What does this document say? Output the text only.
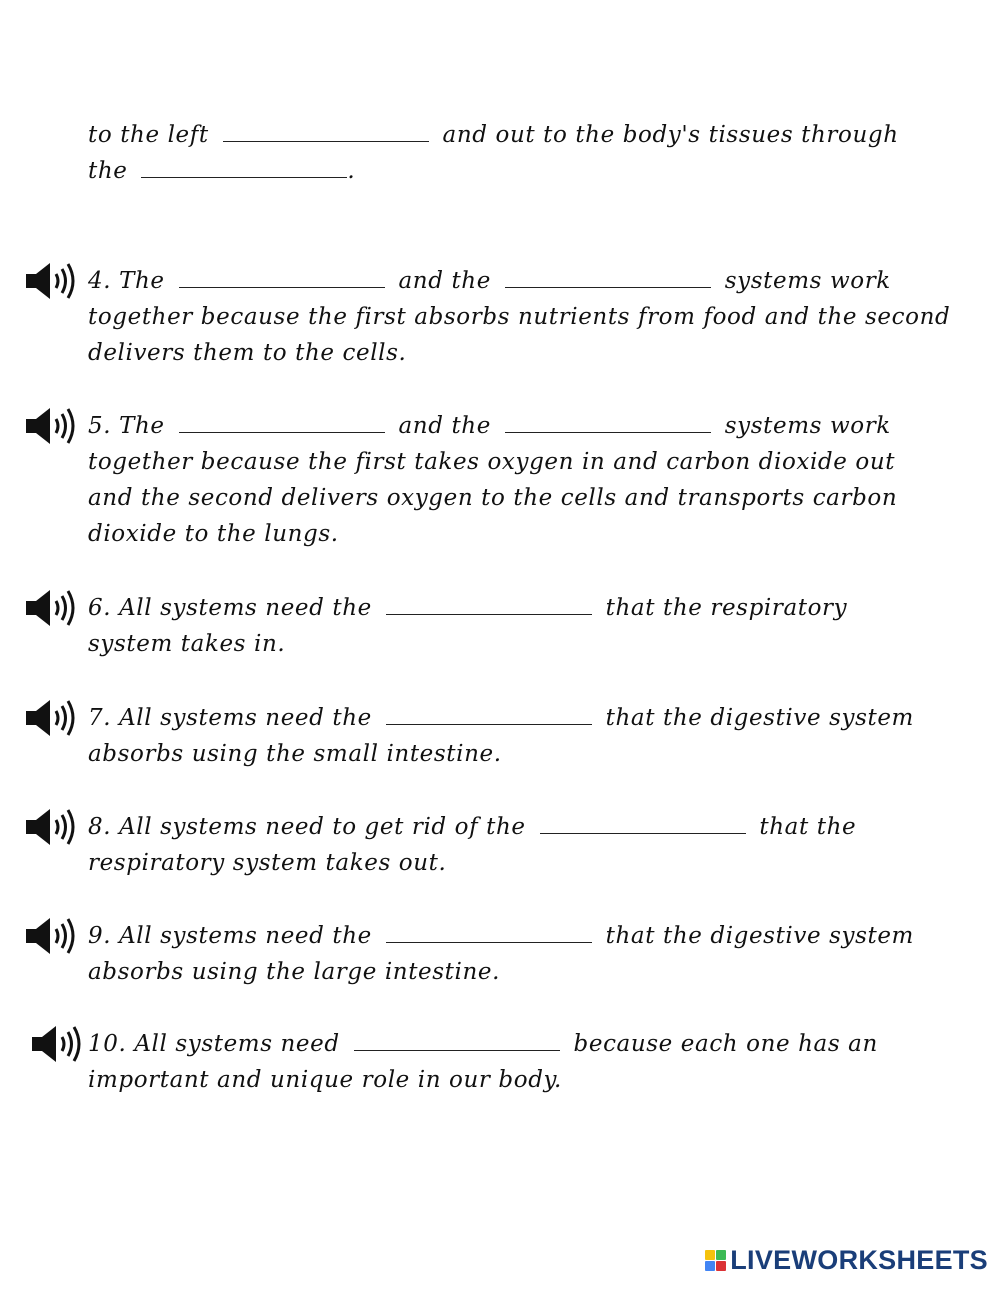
to the left	and out to the body's tissues through
the	.
4. The	and the	systems work
together because the first absorbs nutrients from food and the second
delivers them to the cells.
5. The	and the	systems work
together because the first takes oxygen in and carbon dioxide out
and the second delivers oxygen to the cells and transports carbon
dioxide to the lungs.
6. All systems need the	that the respiratory
system takes in.
7. All systems need the	that the digestive system
absorbs using the small intestine.
8. All systems need to get rid of the	that the
respiratory system takes out.
9. All systems need the	that the digestive system
absorbs using the large intestine.
10. All systems need	because each one has an
important and unique role in our body.
LIVEWORKSHEETS
